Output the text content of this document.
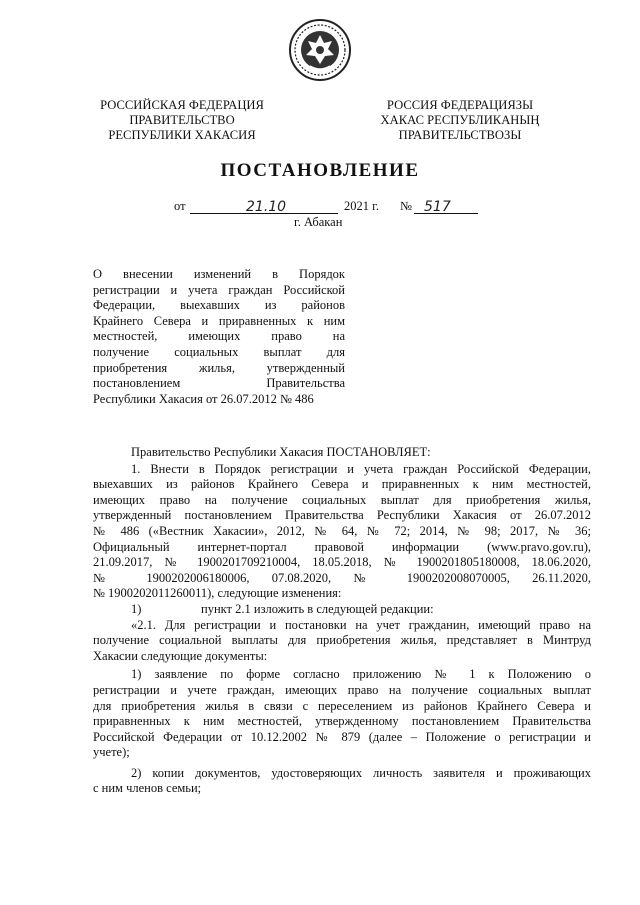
РОССИЙСКАЯ ФЕДЕРАЦИЯ
ПРАВИТЕЛЬСТВО
РЕСПУБЛИКИ ХАКАСИЯ
РОССИЯ ФЕДЕРАЦИЯЗЫ
ХАКАС РЕСПУБЛИКАНЫҢ
ПРАВИТЕЛЬСТВОЗЫ
ПОСТАНОВЛЕНИЕ
от	21.10	2021 г. № 517
г. Абакан
О внесении изменений в Порядок
регистрации и учета граждан Российской
Федерации, выехавших из районов
Крайнего Севера и приравненных к ним
местностей, имеющих право на
получение социальных выплат для
приобретения жилья, утвержденный
постановлением Правительства
Республики Хакасия от 26.07.2012 № 486

Правительство Республики Хакасия ПОСТАНОВЛЯЕТ:

1. Внести в Порядок регистрации и учета граждан Российской Федерации,
выехавших из районов Крайнего Севера и приравненных к ним местностей,
имеющих право на получение социальных выплат для приобретения жилья,
утвержденный постановлением Правительства Республики Хакасия от 26.07.2012
№ 486 («Вестник Хакасии», 2012, № 64, № 72; 2014, № 98; 2017, № 36;
Официальный интернет-портал правовой информации (www.pravo.gov.ru),
21.09.2017, № 1900201709210004, 18.05.2018, № 1900201805180008, 18.06.2020,
№ 1900202006180006, 07.08.2020, № 1900202008070005, 26.11.2020,
№ 1900202011260011), следующие изменения:
1)	пункт 2.1 изложить в следующей редакции:
«2.1. Для регистрации и постановки на учет гражданин, имеющий право на
получение социальной выплаты для приобретения жилья, представляет в Минтруд
Хакасии следующие документы:
1) заявление по форме согласно приложению № 1 к Положению о
регистрации и учете граждан, имеющих право на получение социальных выплат
для приобретения жилья в связи с переселением из районов Крайнего Севера и
приравненных к ним местностей, утвержденному постановлением Правительства
Российской Федерации от 10.12.2002 № 879 (далее – Положение о регистрации и
учете);
2) копии документов, удостоверяющих личность заявителя и проживающих
с ним членов семьи;
